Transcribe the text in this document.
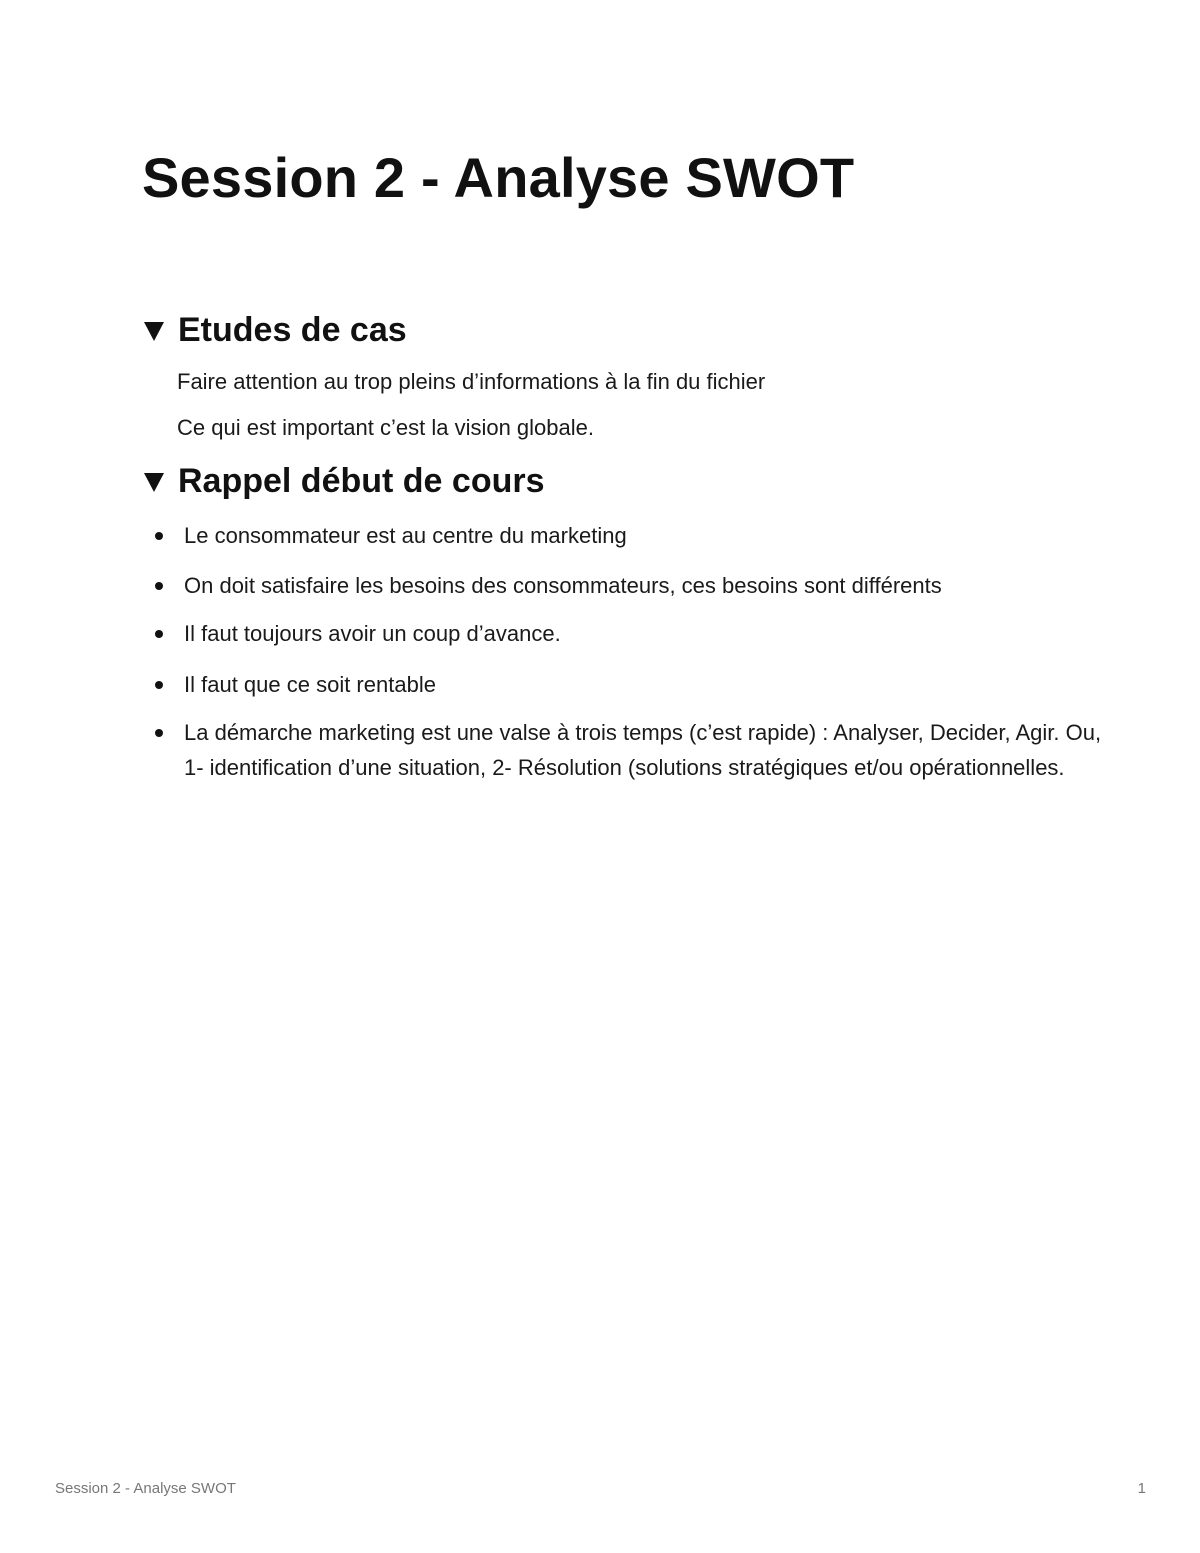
Session 2 - Analyse SWOT
Etudes de cas

Faire attention au trop pleins d’informations à la fin du fichier

Ce qui est important c’est la vision globale.

Rappel début de cours
Le consommateur est au centre du marketing
On doit satisfaire les besoins des consommateurs, ces besoins sont différents
Il faut toujours avoir un coup d’avance.
Il faut que ce soit rentable
La démarche marketing est une valse à trois temps (c’est rapide) : Analyser, Decider, Agir. Ou, 1- identification d’une situation, 2- Résolution (solutions stratégiques et/ou opérationnelles.
Session 2 - Analyse SWOT	1
